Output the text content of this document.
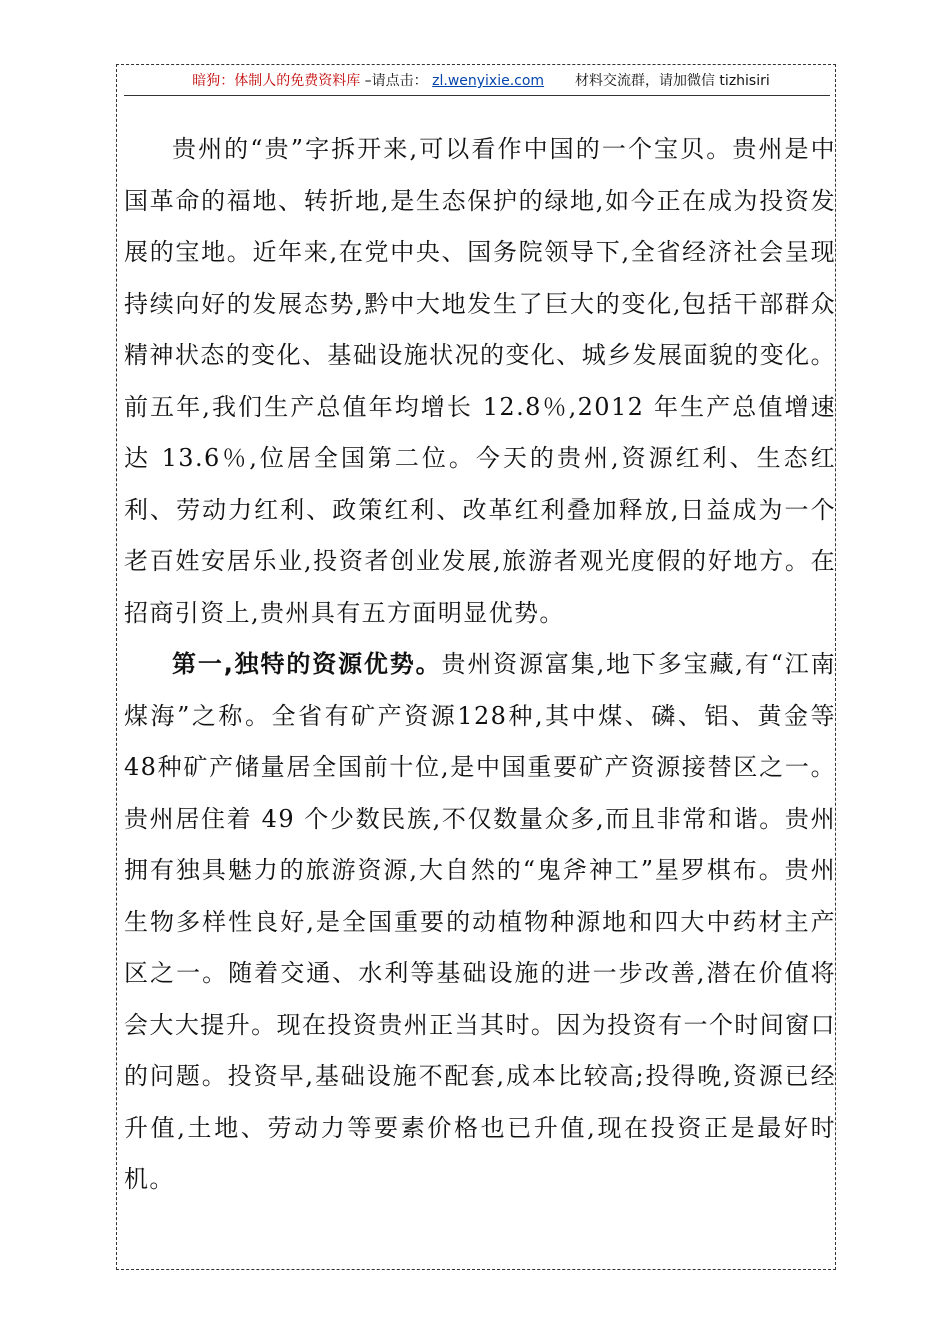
暗狗：体制人的免费资料库 –请点击： zl.wenyixie.com 材料交流群，请加微信 tizhisiri

贵州的“贵”字拆开来,可以看作中国的一个宝贝。贵州是中国革命的福地、转折地,是生态保护的绿地,如今正在成为投资发展的宝地。近年来,在党中央、国务院领导下,全省经济社会呈现持续向好的发展态势,黔中大地发生了巨大的变化,包括干部群众精神状态的变化、基础设施状况的变化、城乡发展面貌的变化。前五年,我们生产总值年均增长 12.8％,2012 年生产总值增速达 13.6％,位居全国第二位。今天的贵州,资源红利、生态红利、劳动力红利、政策红利、改革红利叠加释放,日益成为一个老百姓安居乐业,投资者创业发展,旅游者观光度假的好地方。在招商引资上,贵州具有五方面明显优势。

第一,独特的资源优势。贵州资源富集,地下多宝藏,有“江南煤海”之称。全省有矿产资源128种,其中煤、磷、铝、黄金等48种矿产储量居全国前十位,是中国重要矿产资源接替区之一。贵州居住着 49 个少数民族,不仅数量众多,而且非常和谐。贵州拥有独具魅力的旅游资源,大自然的“鬼斧神工”星罗棋布。贵州生物多样性良好,是全国重要的动植物种源地和四大中药材主产区之一。随着交通、水利等基础设施的进一步改善,潜在价值将会大大提升。现在投资贵州正当其时。因为投资有一个时间窗口的问题。投资早,基础设施不配套,成本比较高;投得晚,资源已经升值,土地、劳动力等要素价格也已升值,现在投资正是最好时机。
